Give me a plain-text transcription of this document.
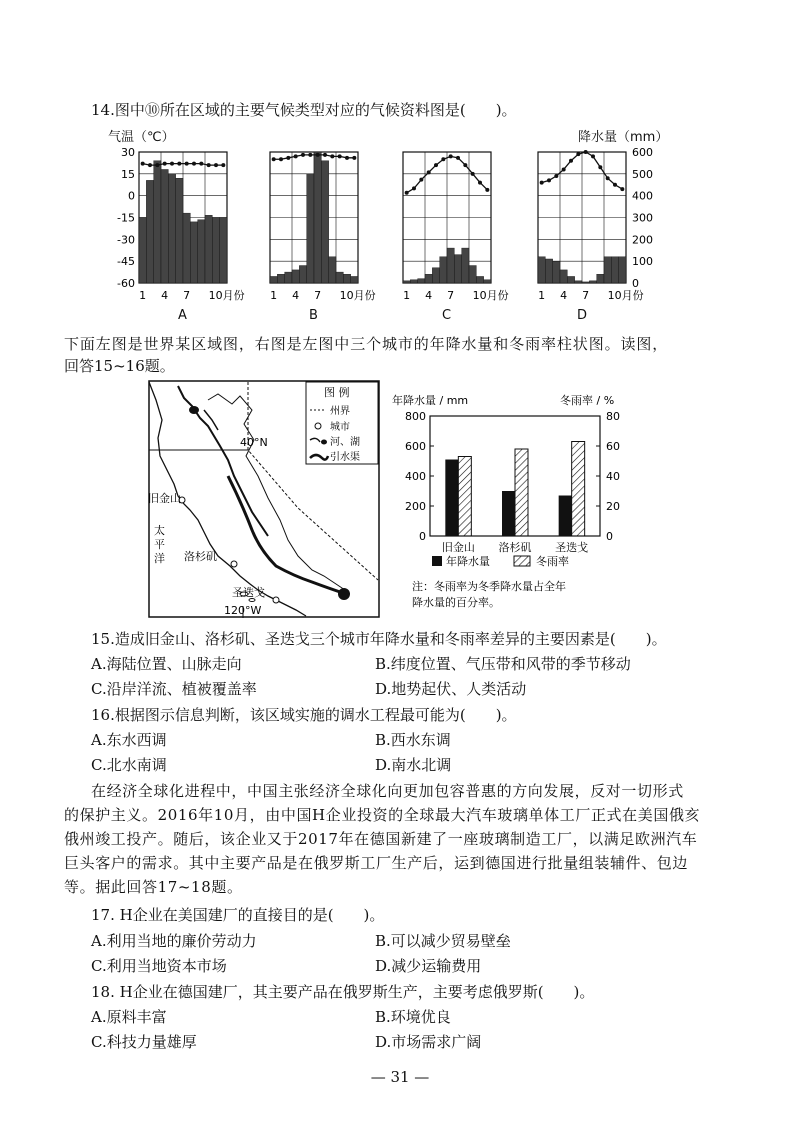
14.图中⑩所在区域的主要气候类型对应的气候资料图是(　　)。
气温（℃）	降水量（mm）
30
15
0
-15
-30
-45
-60
600
500
400
300
200
100
0
1 4 7 10月份 1 4 7 10月份	1 4 7 10月份	1 4 7 10月份
A	B	C	D
下面左图是世界某区域图，右图是左图中三个城市的年降水量和冬雨率柱状图。读图，
回答15~16题。
40°N
旧金山
洛杉矶
圣迭戈
太
平
洋
120°W
图 例
州界
城市
河、湖
引水渠
年降水量 / mm	冬雨率 / %
0
200
400
600
800
0
20
40
60
80
旧金山 洛杉矶 圣迭戈
年降水量	冬雨率
注：冬雨率为冬季降水量占全年
降水量的百分率。
15.造成旧金山、洛杉矶、圣迭戈三个城市年降水量和冬雨率差异的主要因素是(　　)。
A.海陆位置、山脉走向	B.纬度位置、气压带和风带的季节移动
C.沿岸洋流、植被覆盖率	D.地势起伏、人类活动
16.根据图示信息判断，该区域实施的调水工程最可能为(　　)。
A.东水西调	B.西水东调
C.北水南调	D.南水北调
在经济全球化进程中，中国主张经济全球化向更加包容普惠的方向发展，反对一切形式
的保护主义。2016年10月，由中国H企业投资的全球最大汽车玻璃单体工厂正式在美国俄亥
俄州竣工投产。随后，该企业又于2017年在德国新建了一座玻璃制造工厂，以满足欧洲汽车
巨头客户的需求。其中主要产品是在俄罗斯工厂生产后，运到德国进行批量组装辅件、包边
等。据此回答17~18题。
17. H企业在美国建厂的直接目的是(　　)。
A.利用当地的廉价劳动力	B.可以减少贸易壁垒
C.利用当地资本市场	D.减少运输费用
18. H企业在德国建厂，其主要产品在俄罗斯生产，主要考虑俄罗斯(　　)。
A.原料丰富	B.环境优良
C.科技力量雄厚	D.市场需求广阔
— 31 —
